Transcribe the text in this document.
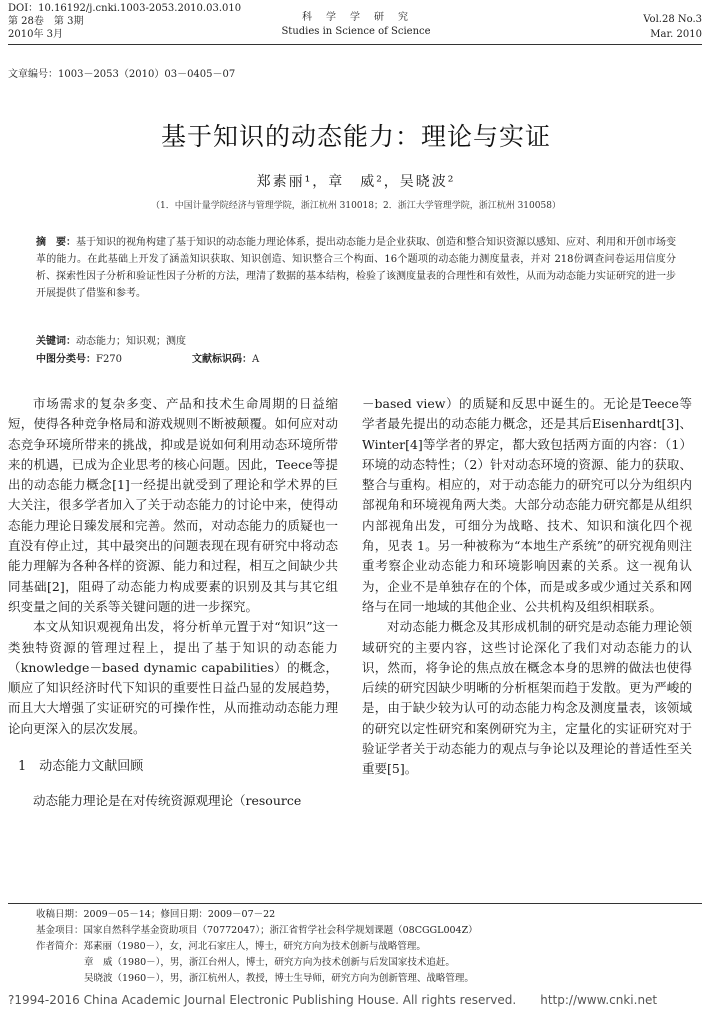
DOI：10.16192/j.cnki.1003-2053.2010.03.010
第 28卷　第 3期
2010年 3月
科　学　学　研　究
Studies in Science of Science
Vol.28 No.3
Mar. 2010
文章编号：1003－2053（2010）03－0405－07
基于知识的动态能力：理论与实证
郑素丽¹，章　威²，吴晓波²
（1．中国计量学院经济与管理学院，浙江杭州 310018；2．浙江大学管理学院，浙江杭州 310058）
摘　要：基于知识的视角构建了基于知识的动态能力理论体系，提出动态能力是企业获取、创造和整合知识资源以感知、应对、利用和开创市场变革的能力。在此基础上开发了涵盖知识获取、知识创造、知识整合三个构面、16个题项的动态能力测度量表，并对 218份调查问卷运用信度分析、探索性因子分析和验证性因子分析的方法，理清了数据的基本结构，检验了该测度量表的合理性和有效性，从而为动态能力实证研究的进一步开展提供了借鉴和参考。
关键词：动态能力；知识观；测度
中图分类号：F270	文献标识码：A

市场需求的复杂多变、产品和技术生命周期的日益缩短，使得各种竞争格局和游戏规则不断被颠覆。如何应对动态竞争环境所带来的挑战，抑或是说如何利用动态环境所带来的机遇，已成为企业思考的核心问题。因此，Teece等提出的动态能力概念[1]一经提出就受到了理论和学术界的巨大关注，很多学者加入了关于动态能力的讨论中来，使得动态能力理论日臻发展和完善。然而，对动态能力的质疑也一直没有停止过，其中最突出的问题表现在现有研究中将动态能力理解为各种各样的资源、能力和过程，相互之间缺少共同基础[2]，阻碍了动态能力构成要素的识别及其与其它组织变量之间的关系等关键问题的进一步探究。

本文从知识观视角出发，将分析单元置于对“知识”这一类独特资源的管理过程上，提出了基于知识的动态能力（knowledge－based dynamic capabilities）的概念，顺应了知识经济时代下知识的重要性日益凸显的发展趋势，而且大大增强了实证研究的可操作性，从而推动动态能力理论向更深入的层次发展。

1　动态能力文献回顾

动态能力理论是在对传统资源观理论（resource

－based view）的质疑和反思中诞生的。无论是Teece等学者最先提出的动态能力概念，还是其后Eisenhardt[3]、Winter[4]等学者的界定，都大致包括两方面的内容：（1）环境的动态特性；（2）针对动态环境的资源、能力的获取、整合与重构。相应的，对于动态能力的研究可以分为组织内部视角和环境视角两大类。大部分动态能力研究都是从组织内部视角出发，可细分为战略、技术、知识和演化四个视角，见表 1。另一种被称为“本地生产系统”的研究视角则注重考察企业动态能力和环境影响因素的关系。这一视角认为，企业不是单独存在的个体，而是或多或少通过关系和网络与在同一地域的其他企业、公共机构及组织相联系。

对动态能力概念及其形成机制的研究是动态能力理论领域研究的主要内容，这些讨论深化了我们对动态能力的认识，然而，将争论的焦点放在概念本身的思辨的做法也使得后续的研究因缺少明晰的分析框架而趋于发散。更为严峻的是，由于缺少较为认可的动态能力构念及测度量表，该领域的研究以定性研究和案例研究为主，定量化的实证研究对于验证学者关于动态能力的观点与争论以及理论的普适性至关重要[5]。

收稿日期：2009－05－14；修回日期：2009－07－22
基金项目：国家自然科学基金资助项目（70772047）；浙江省哲学社会科学规划课题（08CGGL004Z）
作者简介：郑素丽（1980－），女，河北石家庄人，博士，研究方向为技术创新与战略管理。
章　威（1980－），男，浙江台州人，博士，研究方向为技术创新与后发国家技术追赶。
吴晓波（1960－），男，浙江杭州人，教授，博士生导师，研究方向为创新管理、战略管理。
?1994-2016 China Academic Journal Electronic Publishing House. All rights reserved.　　http://www.cnki.net
